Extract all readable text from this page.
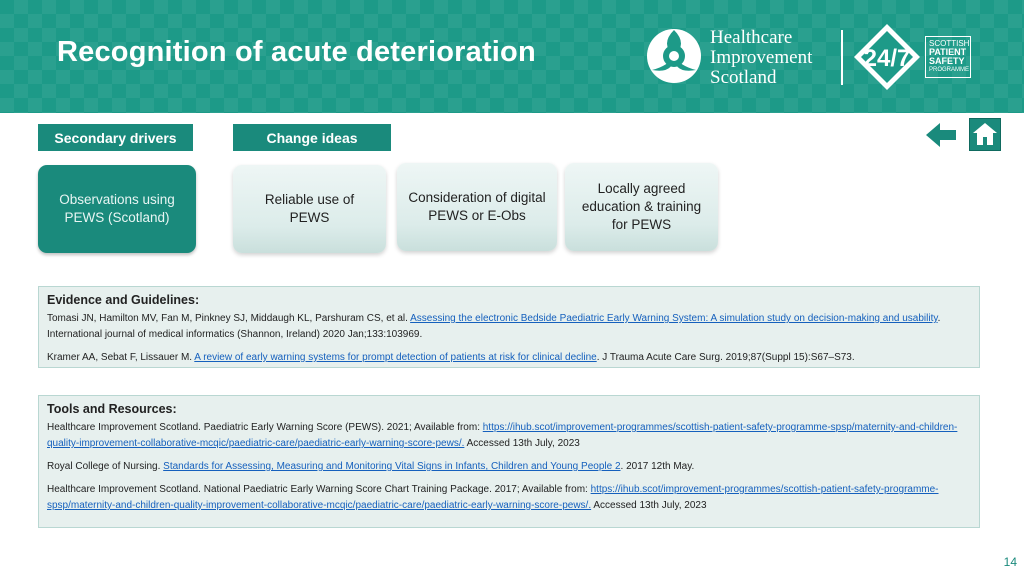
Recognition of acute deterioration	Healthcare
Improvement
Scotland
24/7
SCOTTISH
PATIENT
SAFETY
PROGRAMME
Secondary drivers	Change ideas
Observations using PEWS (Scotland)
Reliable use of PEWS
Consideration of digital PEWS or E-Obs
Locally agreed education & training for PEWS
Evidence and Guidelines:

Tomasi JN, Hamilton MV, Fan M, Pinkney SJ, Middaugh KL, Parshuram CS, et al. Assessing the electronic Bedside Paediatric Early Warning System: A simulation study on decision-making and usability. International journal of medical informatics (Shannon, Ireland) 2020 Jan;133:103969.

Kramer AA, Sebat F, Lissauer M. A review of early warning systems for prompt detection of patients at risk for clinical decline. J Trauma Acute Care Surg. 2019;87(Suppl 15):S67–S73.

Tools and Resources:

Healthcare Improvement Scotland. Paediatric Early Warning Score (PEWS). 2021; Available from: https://ihub.scot/improvement-programmes/scottish-patient-safety-programme-spsp/maternity-and-children-quality-improvement-collaborative-mcqic/paediatric-care/paediatric-early-warning-score-pews/. Accessed 13th July, 2023

Royal College of Nursing. Standards for Assessing, Measuring and Monitoring Vital Signs in Infants, Children and Young People 2. 2017 12th May.

Healthcare Improvement Scotland. National Paediatric Early Warning Score Chart Training Package. 2017; Available from: https://ihub.scot/improvement-programmes/scottish-patient-safety-programme-spsp/maternity-and-children-quality-improvement-collaborative-mcqic/paediatric-care/paediatric-early-warning-score-pews/. Accessed 13th July, 2023

14
